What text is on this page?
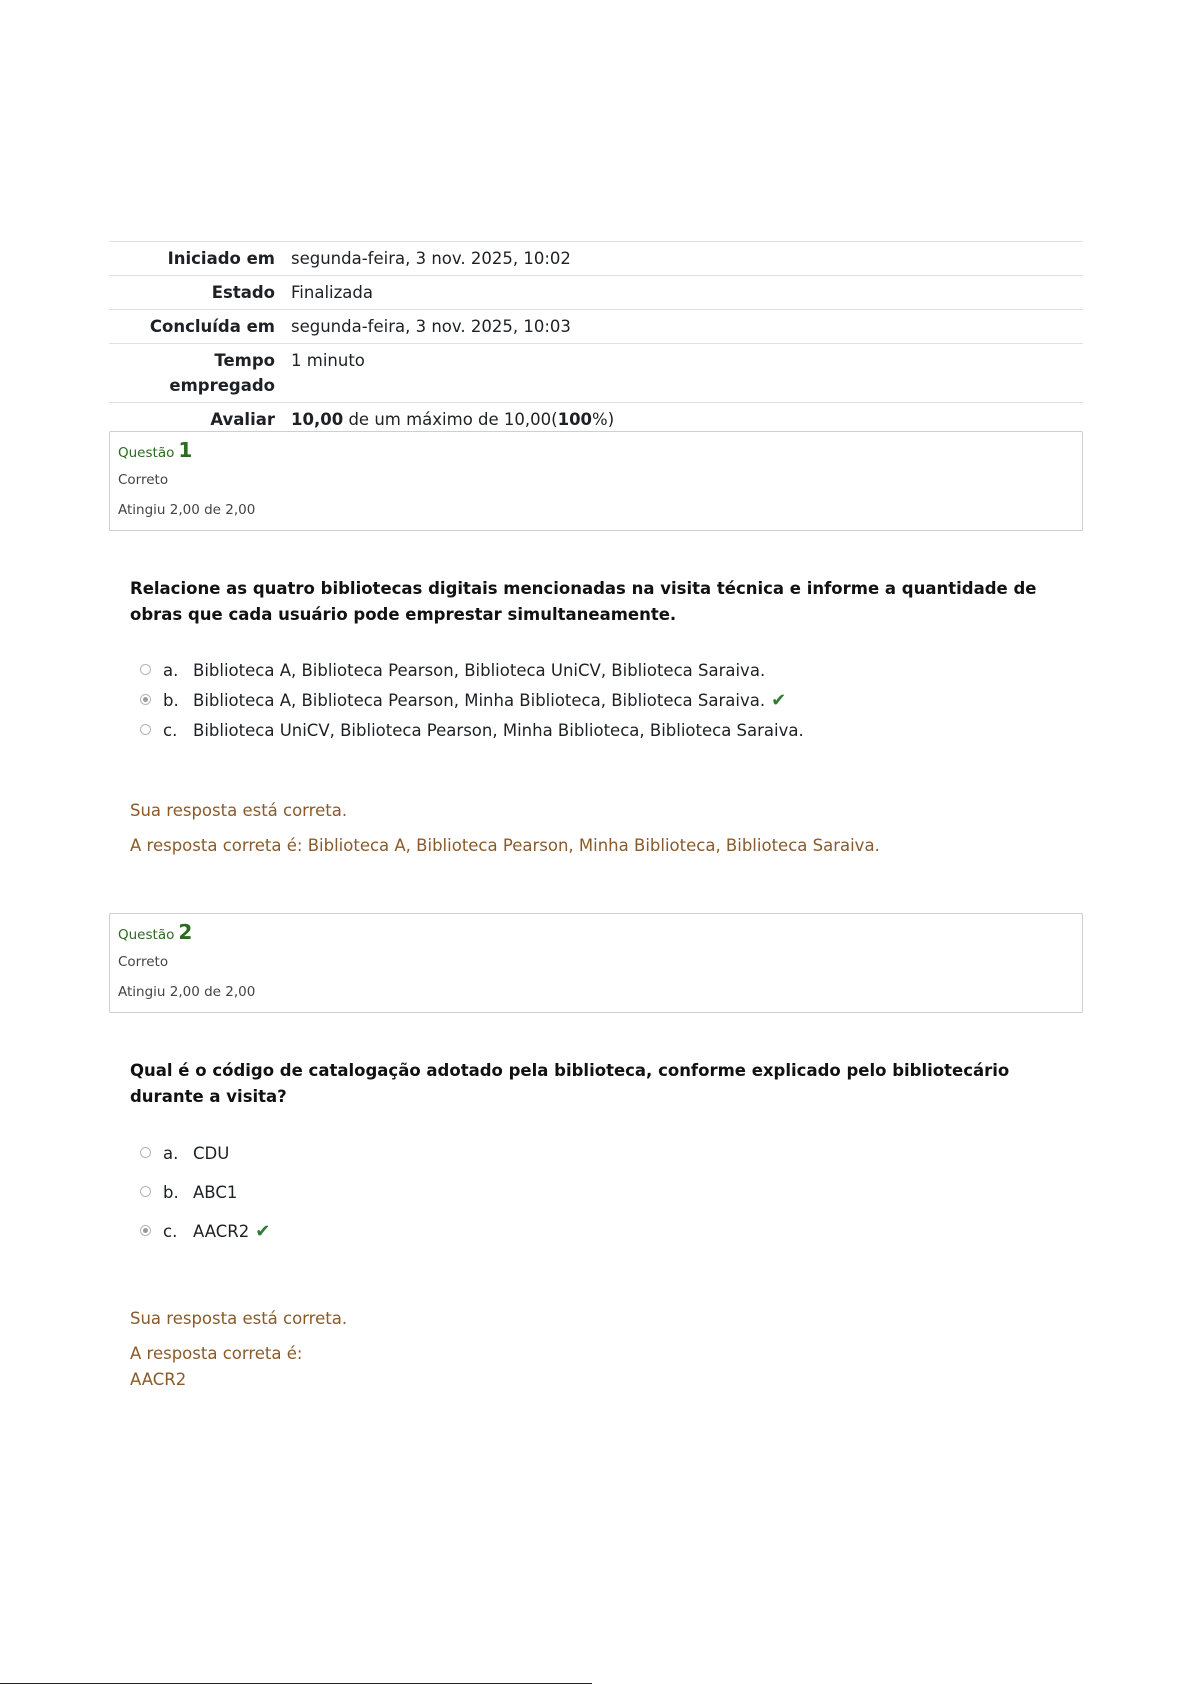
Iniciado em	segunda-feira, 3 nov. 2025, 10:02
Estado	Finalizada
Concluída em	segunda-feira, 3 nov. 2025, 10:03
Tempo empregado	1 minuto
Avaliar	10,00 de um máximo de 10,00(100%)
Questão 1
Correto
Atingiu 2,00 de 2,00
Relacione as quatro bibliotecas digitais mencionadas na visita técnica e informe a quantidade de obras que cada usuário pode emprestar simultaneamente.
a. Biblioteca A, Biblioteca Pearson, Biblioteca UniCV, Biblioteca Saraiva.
b. Biblioteca A, Biblioteca Pearson, Minha Biblioteca, Biblioteca Saraiva. ✔
c. Biblioteca UniCV, Biblioteca Pearson, Minha Biblioteca, Biblioteca Saraiva.
Sua resposta está correta.
A resposta correta é: Biblioteca A, Biblioteca Pearson, Minha Biblioteca, Biblioteca Saraiva.
Questão 2
Correto
Atingiu 2,00 de 2,00
Qual é o código de catalogação adotado pela biblioteca, conforme explicado pelo bibliotecário durante a visita?
a. CDU
b. ABC1
c. AACR2 ✔
Sua resposta está correta.
A resposta correta é:
AACR2
